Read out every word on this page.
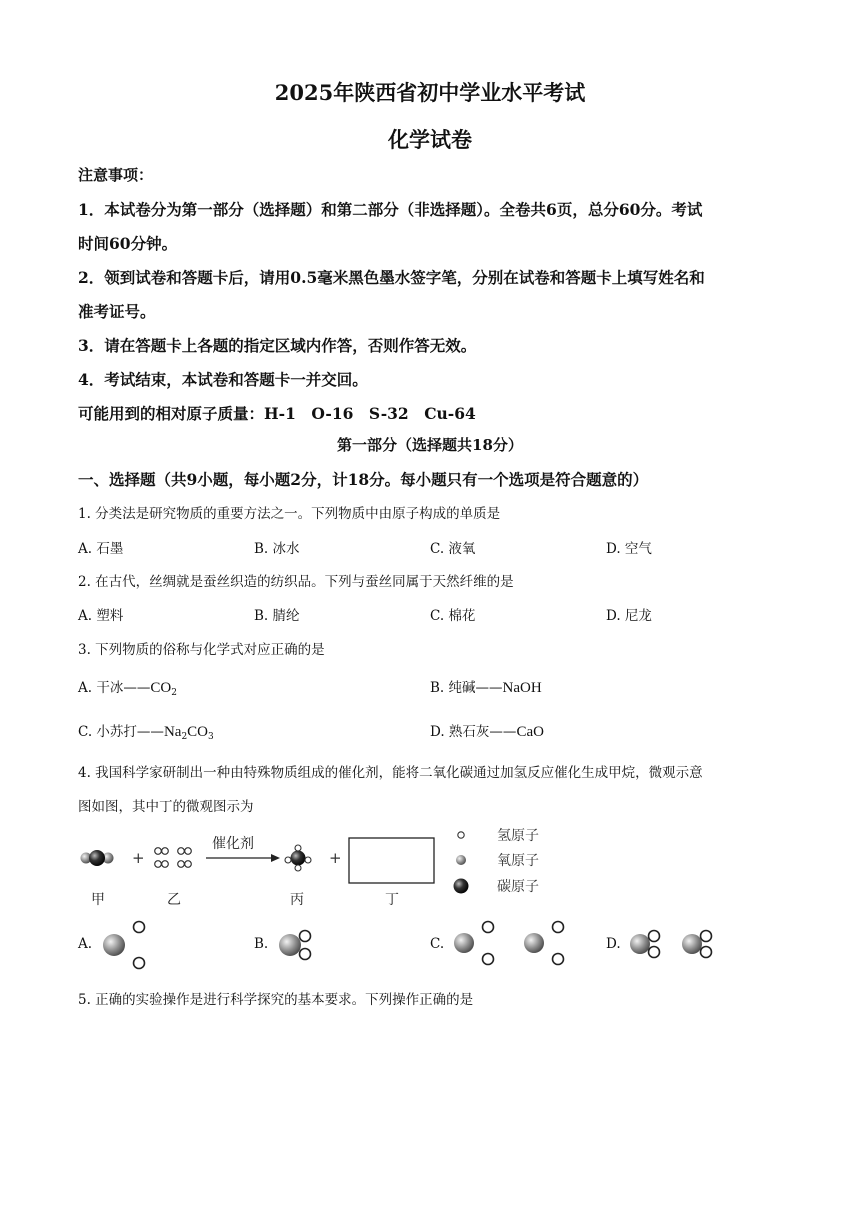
2025年陕西省初中学业水平考试
化学试卷
注意事项：
1．本试卷分为第一部分（选择题）和第二部分（非选择题）。全卷共6页，总分60分。考试
时间60分钟。
2．领到试卷和答题卡后，请用0.5毫米黑色墨水签字笔，分别在试卷和答题卡上填写姓名和
准考证号。
3．请在答题卡上各题的指定区域内作答，否则作答无效。
4．考试结束，本试卷和答题卡一并交回。
可能用到的相对原子质量：H-1　O-16　S-32　Cu-64
第一部分（选择题共18分）
一、选择题（共9小题，每小题2分，计18分。每小题只有一个选项是符合题意的）
1. 分类法是研究物质的重要方法之一。下列物质中由原子构成的单质是
A. 石墨	B. 冰水	C. 液氧	D. 空气
2. 在古代，丝绸就是蚕丝织造的纺织品。下列与蚕丝同属于天然纤维的是
A. 塑料	B. 腈纶	C. 棉花	D. 尼龙
3. 下列物质的俗称与化学式对应正确的是
A. 干冰$——CO_2$	B. 纯碱——NaOH
C. 小苏打$——Na_2CO_3$	D. 熟石灰——CaO
4. 我国科学家研制出一种由特殊物质组成的催化剂，能将二氧化碳通过加氢反应催化生成甲烷，微观示意
图如图，其中丁的微观图示为
+
催化剂
+
甲	乙	丙	丁
氢原子
氧原子
碳原子
A.	B.	C.	D.
5. 正确的实验操作是进行科学探究的基本要求。下列操作正确的是
